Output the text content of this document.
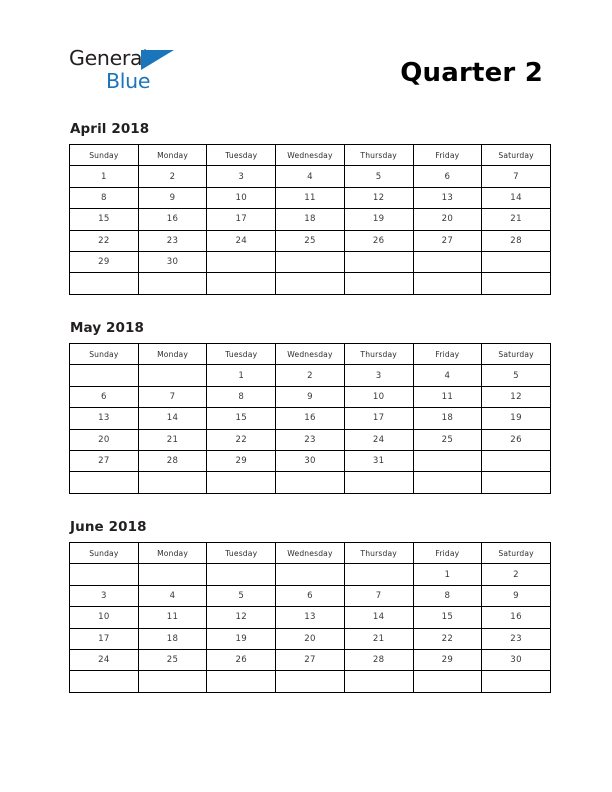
General
Blue	Quarter 2
April 2018
Sunday	Monday	Tuesday	Wednesday	Thursday	Friday	Saturday
1	2	3	4	5	6	7
8	9	10	11	12	13	14
15	16	17	18	19	20	21
22	23	24	25	26	27	28
29	30					

May 2018
Sunday	Monday	Tuesday	Wednesday	Thursday	Friday	Saturday
		1	2	3	4	5
6	7	8	9	10	11	12
13	14	15	16	17	18	19
20	21	22	23	24	25	26
27	28	29	30	31		

June 2018
Sunday	Monday	Tuesday	Wednesday	Thursday	Friday	Saturday
					1	2
3	4	5	6	7	8	9
10	11	12	13	14	15	16
17	18	19	20	21	22	23
24	25	26	27	28	29	30
